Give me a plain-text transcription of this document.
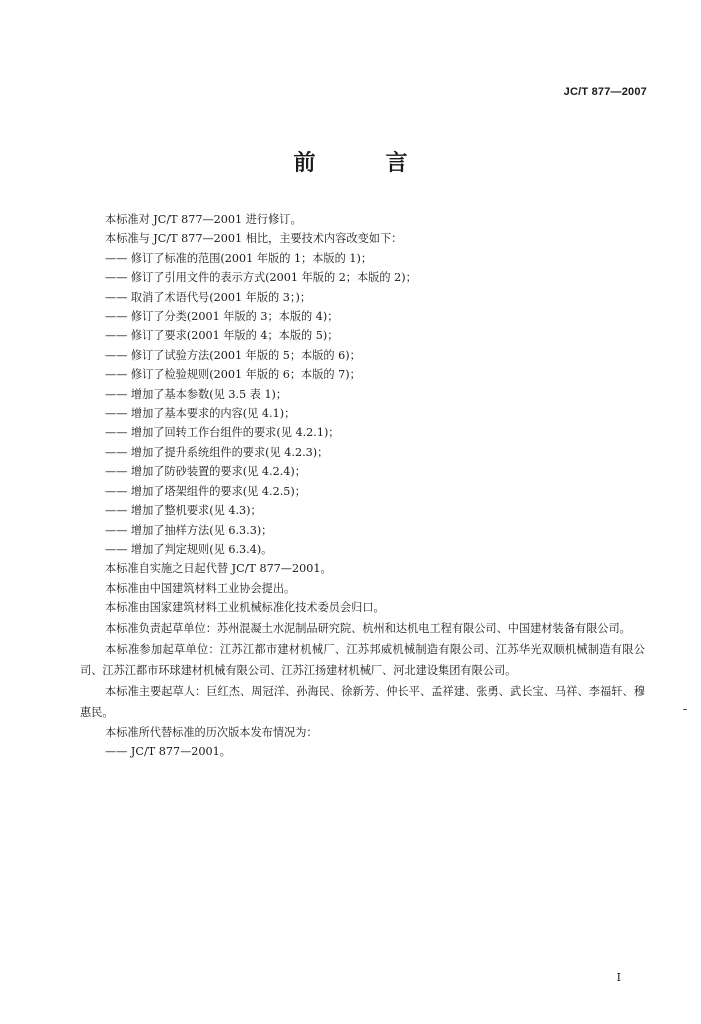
JC/T 877—2007
前　言

本标准对 JC/T 877—2001 进行修订。

本标准与 JC/T 877—2001 相比，主要技术内容改变如下：

—— 修订了标准的范围(2001 年版的 1；本版的 1)；

—— 修订了引用文件的表示方式(2001 年版的 2；本版的 2)；

—— 取消了术语代号(2001 年版的 3；)；

—— 修订了分类(2001 年版的 3；本版的 4)；

—— 修订了要求(2001 年版的 4；本版的 5)；

—— 修订了试验方法(2001 年版的 5；本版的 6)；

—— 修订了检验规则(2001 年版的 6；本版的 7)；

—— 增加了基本参数(见 3.5 表 1)；

—— 增加了基本要求的内容(见 4.1)；

—— 增加了回转工作台组件的要求(见 4.2.1)；

—— 增加了提升系统组件的要求(见 4.2.3)；

—— 增加了防砂装置的要求(见 4.2.4)；

—— 增加了塔架组件的要求(见 4.2.5)；

—— 增加了整机要求(见 4.3)；

—— 增加了抽样方法(见 6.3.3)；

—— 增加了判定规则(见 6.3.4)。

本标准自实施之日起代替 JC/T 877—2001。

本标准由中国建筑材料工业协会提出。

本标准由国家建筑材料工业机械标准化技术委员会归口。

本标准负责起草单位：苏州混凝土水泥制品研究院、杭州和达机电工程有限公司、中国建材装备有限公司。

本标准参加起草单位：江苏江都市建材机械厂、江苏邦威机械制造有限公司、江苏华光双顺机械制造有限公司、江苏江都市环球建材机械有限公司、江苏江扬建材机械厂、河北建设集团有限公司。

本标准主要起草人：巨红杰、周冠洋、孙海民、徐新芳、仲长平、孟祥建、张勇、武长宝、马祥、李福轩、穆惠民。

本标准所代替标准的历次版本发布情况为：

—— JC/T 877—2001。

I
